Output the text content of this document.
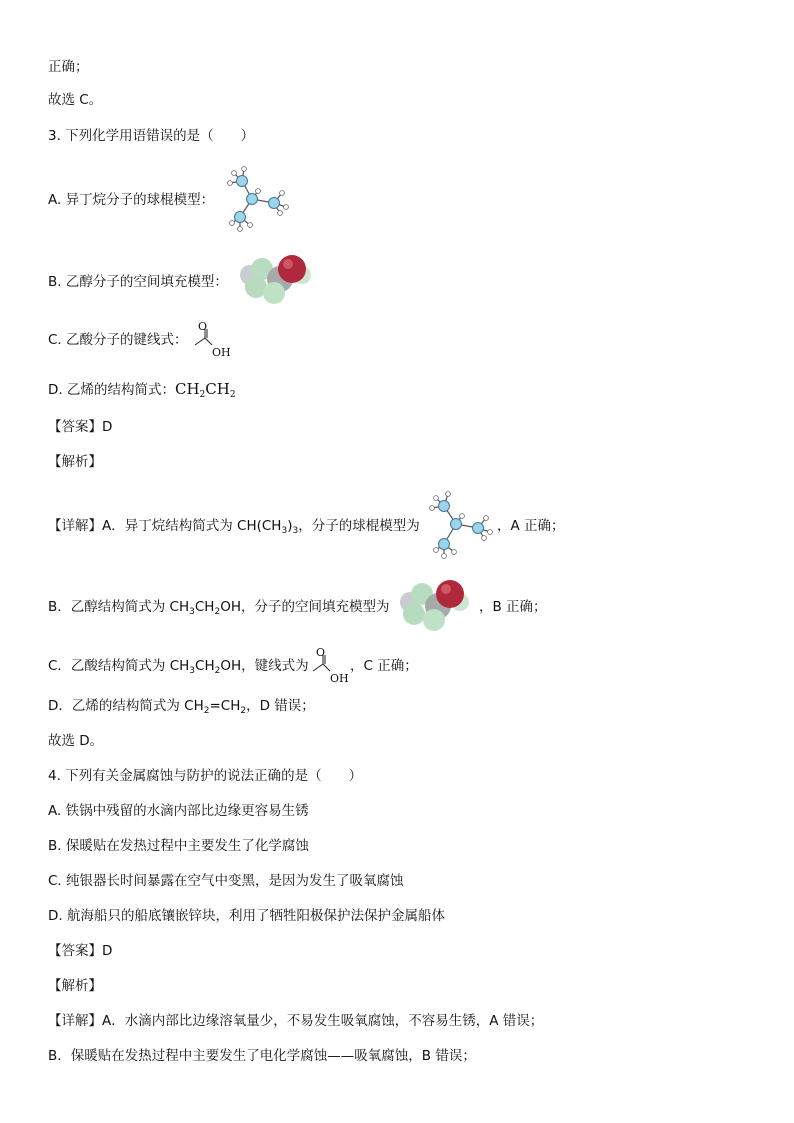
正确；
故选 C。
3. 下列化学用语错误的是（　　）
A. 异丁烷分子的球棍模型：
B. 乙醇分子的空间填充模型：
C. 乙酸分子的键线式：
O
OH
D. 乙烯的结构简式：$CH_2CH_2$
【答案】D
【解析】
【详解】A．异丁烷结构简式为 $CH(CH_3)_3$，分子的球棍模型为	，A 正确；
B．乙醇结构简式为 $CH_3CH_2OH$，分子的空间填充模型为	，B 正确；
C．乙酸结构简式为 $CH_3CH_2OH$，键线式为
O
OH
，C 正确；
D．乙烯的结构简式为 $CH_2=CH_2$，D 错误；
故选 D。
4. 下列有关金属腐蚀与防护的说法正确的是（　　）
A. 铁锅中残留的水滴内部比边缘更容易生锈
B. 保暖贴在发热过程中主要发生了化学腐蚀
C. 纯银器长时间暴露在空气中变黑，是因为发生了吸氧腐蚀
D. 航海船只的船底镶嵌锌块，利用了牺牲阳极保护法保护金属船体
【答案】D
【解析】
【详解】A．水滴内部比边缘溶氧量少，不易发生吸氧腐蚀，不容易生锈，A 错误；
B．保暖贴在发热过程中主要发生了电化学腐蚀——吸氧腐蚀，B 错误；
